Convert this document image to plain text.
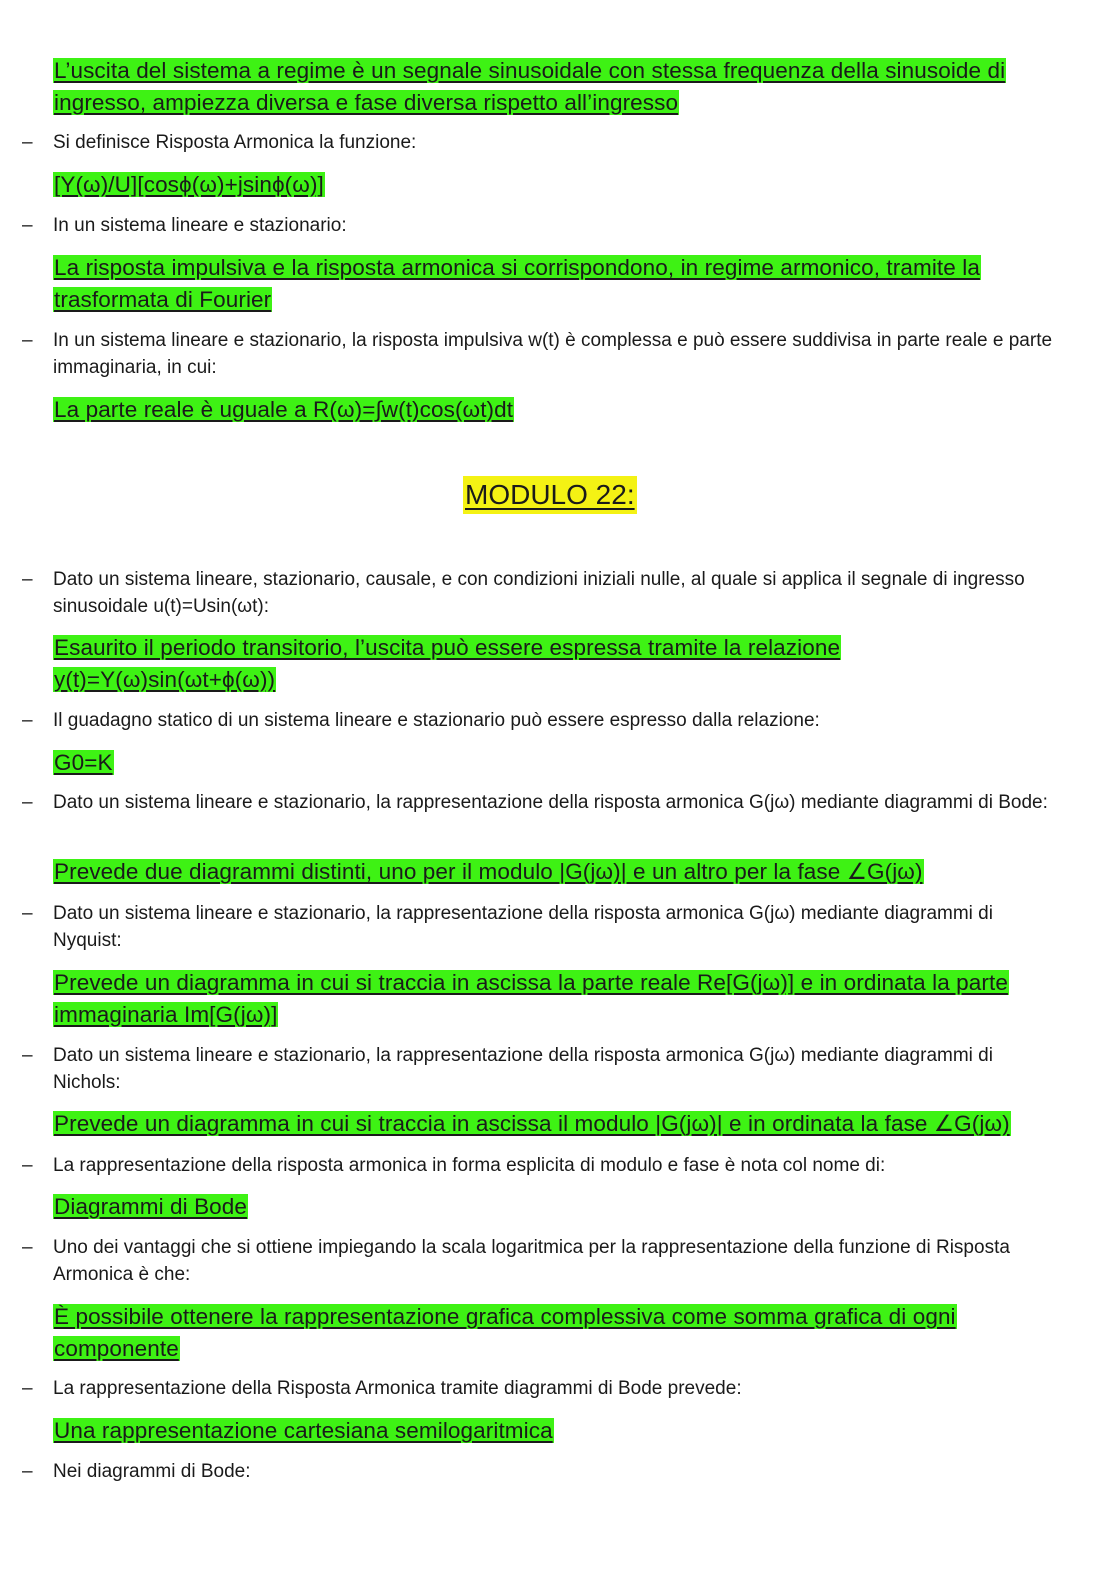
L’uscita del sistema a regime è un segnale sinusoidale con stessa frequenza della sinusoide di ingresso, ampiezza diversa e fase diversa rispetto all’ingresso

– Si definisce Risposta Armonica la funzione:

[Y(ω)/U][cosϕ(ω)+jsinϕ(ω)]

– In un sistema lineare e stazionario:

La risposta impulsiva e la risposta armonica si corrispondono, in regime armonico, tramite la trasformata di Fourier

– In un sistema lineare e stazionario, la risposta impulsiva w(t) è complessa e può essere suddivisa in parte reale e parte immaginaria, in cui:

La parte reale è uguale a R(ω)=∫w(t)cos(ωt)dt

MODULO 22:
– Dato un sistema lineare, stazionario, causale, e con condizioni iniziali nulle, al quale si applica il segnale di ingresso sinusoidale u(t)=Usin(ωt):

Esaurito il periodo transitorio, l’uscita può essere espressa tramite la relazione y(t)=Y(ω)sin(ωt+ϕ(ω))

– Il guadagno statico di un sistema lineare e stazionario può essere espresso dalla relazione:

G0=K

– Dato un sistema lineare e stazionario, la rappresentazione della risposta armonica G(jω) mediante diagrammi di Bode:

Prevede due diagrammi distinti, uno per il modulo |G(jω)| e un altro per la fase ∠G(jω)

– Dato un sistema lineare e stazionario, la rappresentazione della risposta armonica G(jω) mediante diagrammi di Nyquist:

Prevede un diagramma in cui si traccia in ascissa la parte reale Re[G(jω)] e in ordinata la parte immaginaria Im[G(jω)]

– Dato un sistema lineare e stazionario, la rappresentazione della risposta armonica G(jω) mediante diagrammi di Nichols:

Prevede un diagramma in cui si traccia in ascissa il modulo |G(jω)| e in ordinata la fase ∠G(jω)

– La rappresentazione della risposta armonica in forma esplicita di modulo e fase è nota col nome di:

Diagrammi di Bode

– Uno dei vantaggi che si ottiene impiegando la scala logaritmica per la rappresentazione della funzione di Risposta Armonica è che:

È possibile ottenere la rappresentazione grafica complessiva come somma grafica di ogni componente

– La rappresentazione della Risposta Armonica tramite diagrammi di Bode prevede:

Una rappresentazione cartesiana semilogaritmica

– Nei diagrammi di Bode:
